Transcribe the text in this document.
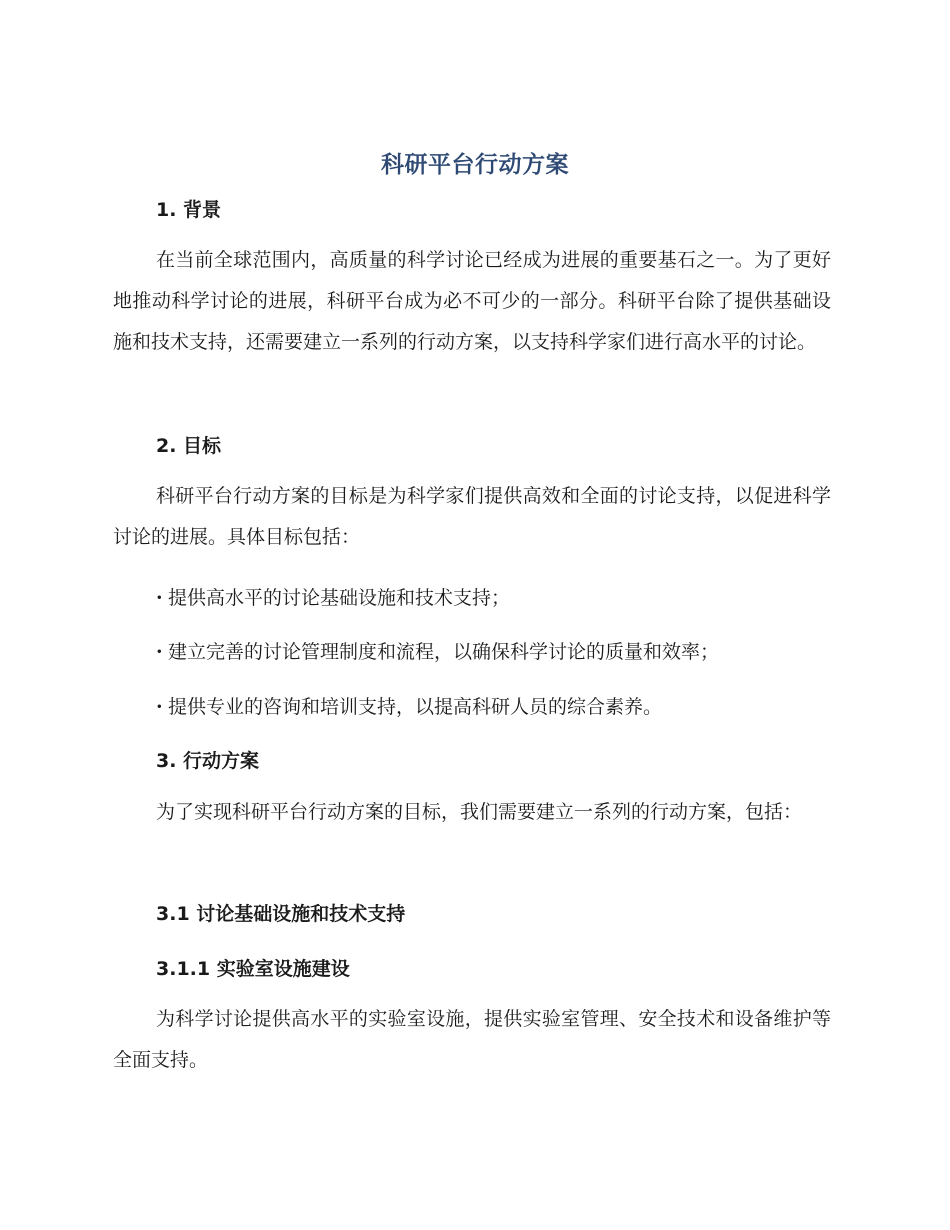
科研平台行动方案
1. 背景

在当前全球范围内，高质量的科学讨论已经成为进展的重要基石之一。为了更好地推动科学讨论的进展，科研平台成为必不可少的一部分。科研平台除了提供基础设施和技术支持，还需要建立一系列的行动方案，以支持科学家们进行高水平的讨论。

2. 目标

科研平台行动方案的目标是为科学家们提供高效和全面的讨论支持，以促进科学讨论的进展。具体目标包括：

· 提供高水平的讨论基础设施和技术支持；
· 建立完善的讨论管理制度和流程，以确保科学讨论的质量和效率；
· 提供专业的咨询和培训支持，以提高科研人员的综合素养。
3. 行动方案

为了实现科研平台行动方案的目标，我们需要建立一系列的行动方案，包括：

3.1 讨论基础设施和技术支持
3.1.1 实验室设施建设

为科学讨论提供高水平的实验室设施，提供实验室管理、安全技术和设备维护等全面支持。
